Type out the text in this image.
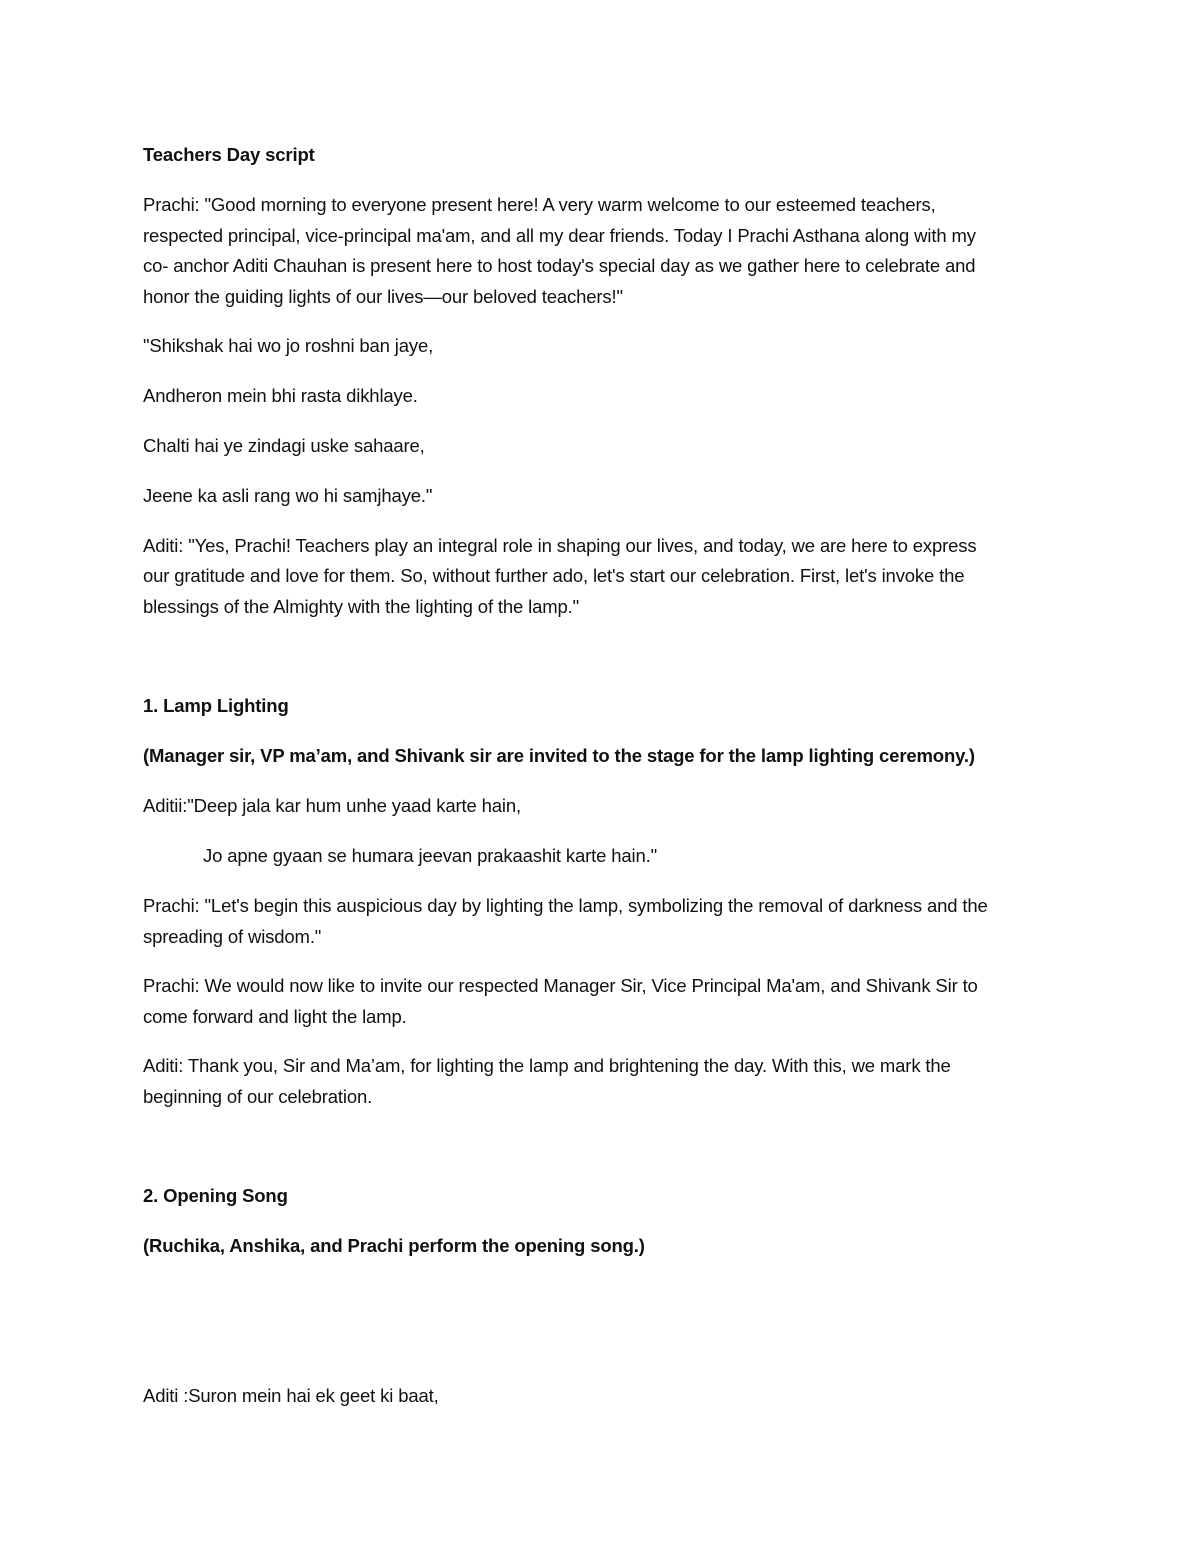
Teachers Day script
Prachi: "Good morning to everyone present here! A very warm welcome to our esteemed teachers,
respected principal, vice-principal ma'am, and all my dear friends. Today I Prachi Asthana along with my
co- anchor Aditi Chauhan is present here to host today's special day as we gather here to celebrate and
honor the guiding lights of our lives—our beloved teachers!"
"Shikshak hai wo jo roshni ban jaye,
Andheron mein bhi rasta dikhlaye.
Chalti hai ye zindagi uske sahaare,
Jeene ka asli rang wo hi samjhaye."
Aditi: "Yes, Prachi! Teachers play an integral role in shaping our lives, and today, we are here to express
our gratitude and love for them. So, without further ado, let's start our celebration. First, let's invoke the
blessings of the Almighty with the lighting of the lamp."
1. Lamp Lighting
(Manager sir, VP ma’am, and Shivank sir are invited to the stage for the lamp lighting ceremony.)
Aditii:"Deep jala kar hum unhe yaad karte hain,
Jo apne gyaan se humara jeevan prakaashit karte hain."
Prachi: "Let's begin this auspicious day by lighting the lamp, symbolizing the removal of darkness and the
spreading of wisdom."
Prachi: We would now like to invite our respected Manager Sir, Vice Principal Ma'am, and Shivank Sir to
come forward and light the lamp.
Aditi: Thank you, Sir and Ma’am, for lighting the lamp and brightening the day. With this, we mark the
beginning of our celebration.
2. Opening Song
(Ruchika, Anshika, and Prachi perform the opening song.)
Aditi :Suron mein hai ek geet ki baat,
